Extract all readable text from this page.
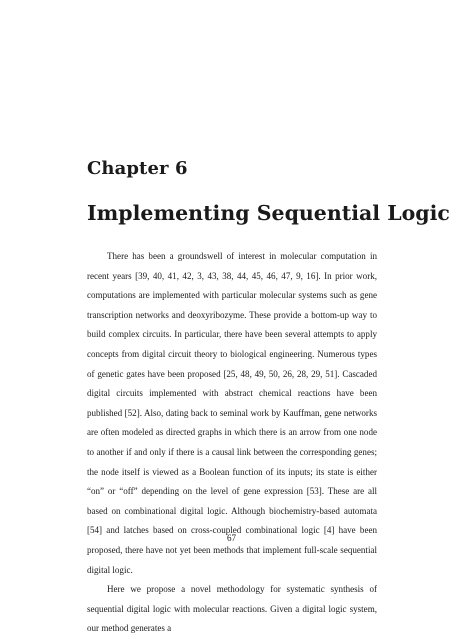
Chapter 6
Implementing Sequential Logic

There has been a groundswell of interest in molecular computation in recent years [39, 40, 41, 42, 3, 43, 38, 44, 45, 46, 47, 9, 16]. In prior work, computations are implemented with particular molecular systems such as gene transcription networks and deoxyribozyme. These provide a bottom-up way to build complex circuits. In particular, there have been several attempts to apply concepts from digital circuit theory to biological engineering. Numerous types of genetic gates have been proposed [25, 48, 49, 50, 26, 28, 29, 51]. Cascaded digital circuits implemented with abstract chemical reactions have been published [52]. Also, dating back to seminal work by Kauffman, gene networks are often modeled as directed graphs in which there is an arrow from one node to another if and only if there is a causal link between the corresponding genes; the node itself is viewed as a Boolean function of its inputs; its state is either “on” or “off” depending on the level of gene expression [53]. These are all based on combinational digital logic. Although biochemistry-based automata [54] and latches based on cross-coupled combinational logic [4] have been proposed, there have not yet been methods that implement full-scale sequential digital logic.

Here we propose a novel methodology for systematic synthesis of sequential digital logic with molecular reactions. Given a digital logic system, our method generates a

67
